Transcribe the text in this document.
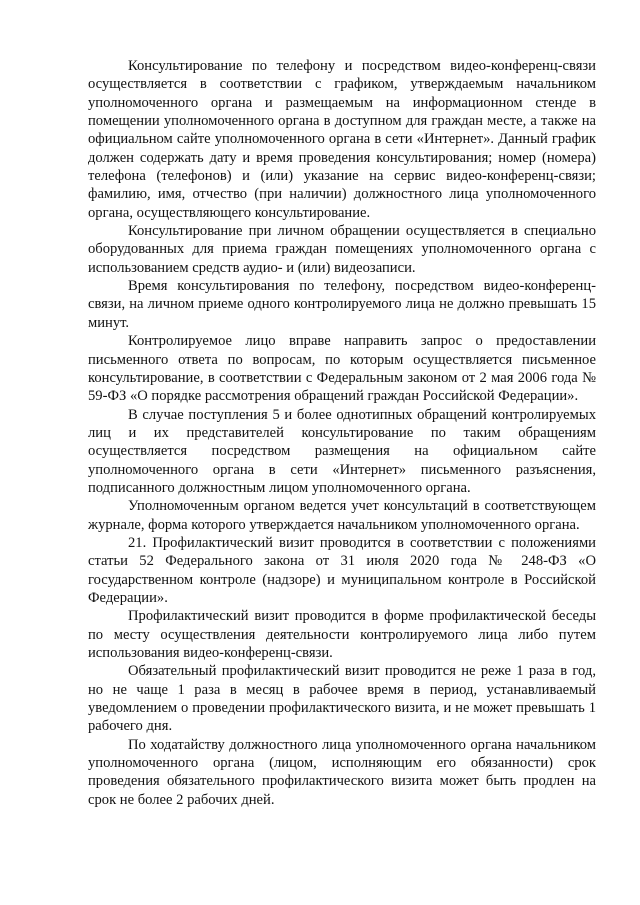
Консультирование по телефону и посредством видео-конференц-связи осуществляется в соответствии с графиком, утверждаемым начальником уполномоченного органа и размещаемым на информационном стенде в помещении уполномоченного органа в доступном для граждан месте, а также на официальном сайте уполномоченного органа в сети «Интернет». Данный график должен содержать дату и время проведения консультирования; номер (номера) телефона (телефонов) и (или) указание на сервис видео-конференц-связи; фамилию, имя, отчество (при наличии) должностного лица уполномоченного органа, осуществляющего консультирование.

Консультирование при личном обращении осуществляется в специально оборудованных для приема граждан помещениях уполномоченного органа с использованием средств аудио- и (или) видеозаписи.

Время консультирования по телефону, посредством видео-конференц-связи, на личном приеме одного контролируемого лица не должно превышать 15 минут.

Контролируемое лицо вправе направить запрос о предоставлении письменного ответа по вопросам, по которым осуществляется письменное консультирование, в соответствии с Федеральным законом от 2 мая 2006 года № 59-ФЗ «О порядке рассмотрения обращений граждан Российской Федерации».

В случае поступления 5 и более однотипных обращений контролируемых лиц и их представителей консультирование по таким обращениям осуществляется посредством размещения на официальном сайте уполномоченного органа в сети «Интернет» письменного разъяснения, подписанного должностным лицом уполномоченного органа.

Уполномоченным органом ведется учет консультаций в соответствующем журнале, форма которого утверждается начальником уполномоченного органа.

21. Профилактический визит проводится в соответствии с положениями статьи 52 Федерального закона от 31 июля 2020 года № 248-ФЗ «О государственном контроле (надзоре) и муниципальном контроле в Российской Федерации».

Профилактический визит проводится в форме профилактической беседы по месту осуществления деятельности контролируемого лица либо путем использования видео-конференц-связи.

Обязательный профилактический визит проводится не реже 1 раза в год, но не чаще 1 раза в месяц в рабочее время в период, устанавливаемый уведомлением о проведении профилактического визита, и не может превышать 1 рабочего дня.

По ходатайству должностного лица уполномоченного органа начальником уполномоченного органа (лицом, исполняющим его обязанности) срок проведения обязательного профилактического визита может быть продлен на срок не более 2 рабочих дней.
